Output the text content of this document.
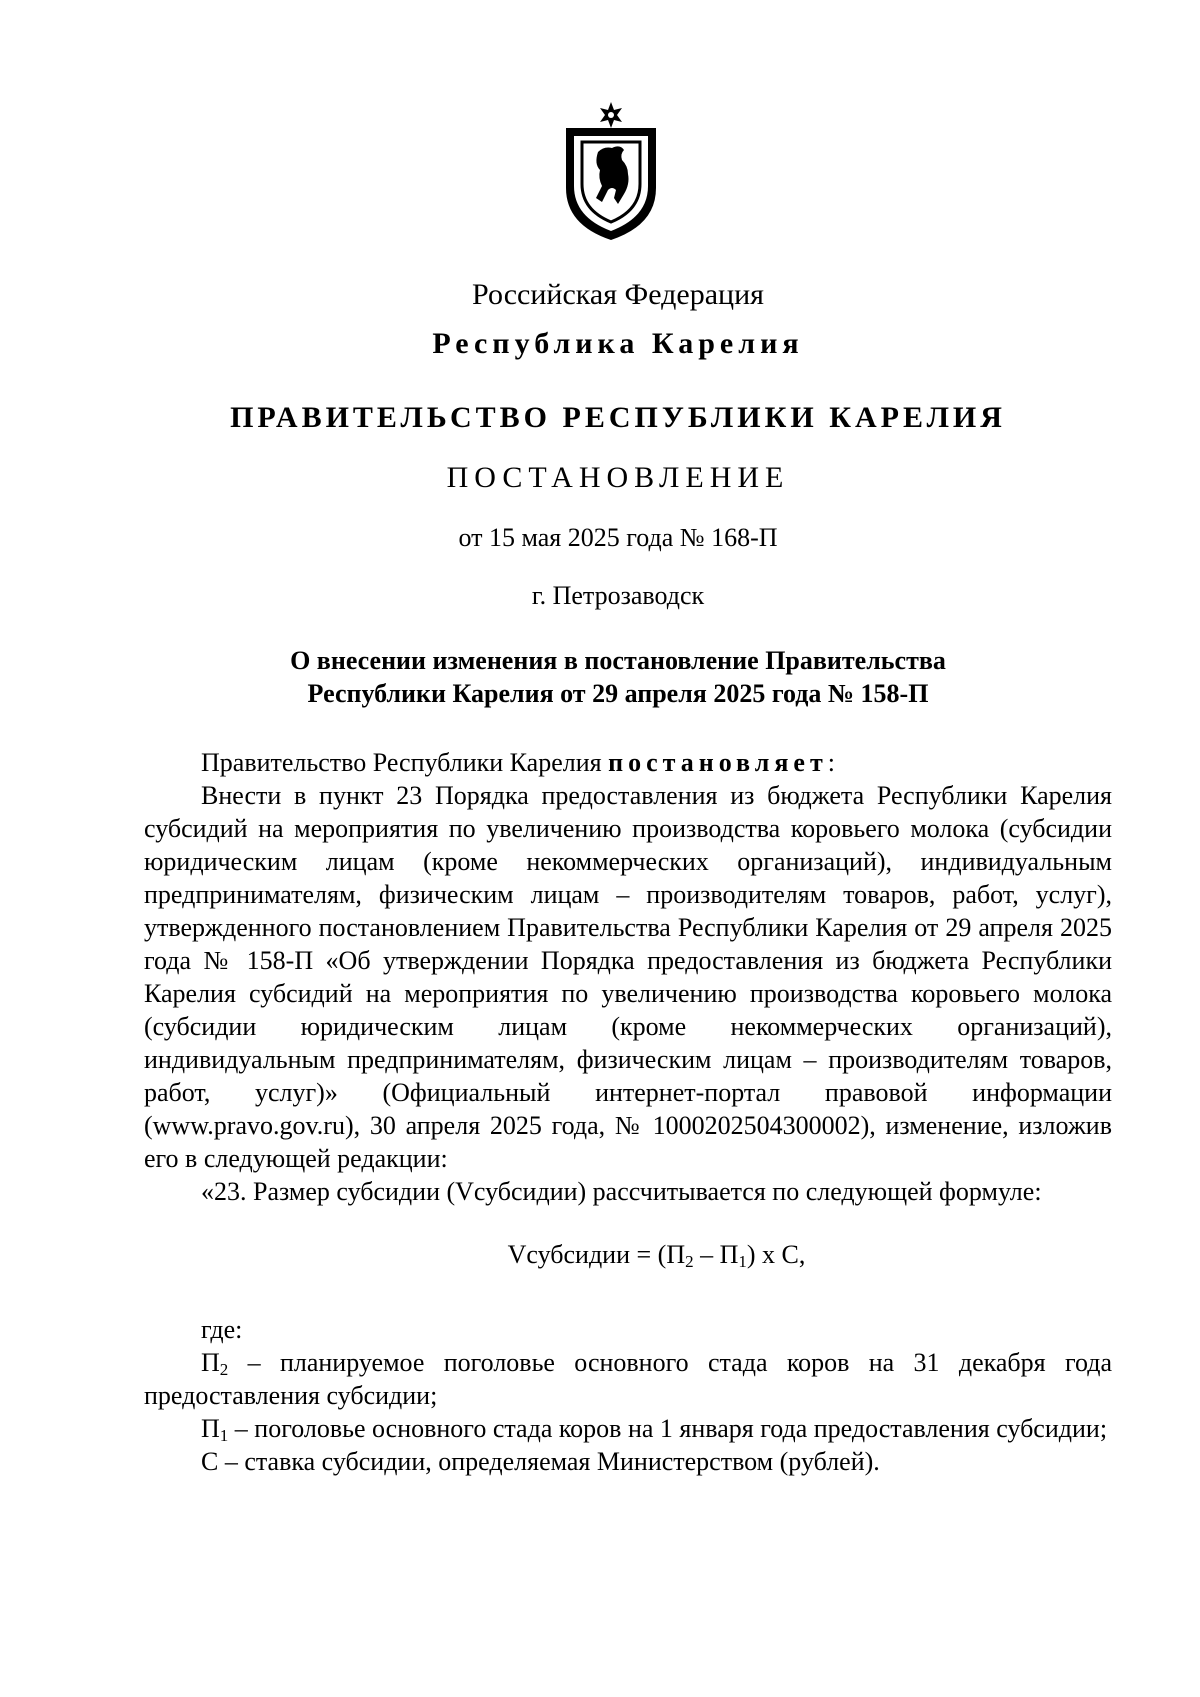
Российская Федерация
Республика Карелия
ПРАВИТЕЛЬСТВО РЕСПУБЛИКИ КАРЕЛИЯ
ПОСТАНОВЛЕНИЕ
от 15 мая 2025 года № 168-П
г. Петрозаводск
О внесении изменения в постановление Правительства
Республики Карелия от 29 апреля 2025 года № 158-П

Правительство Республики Карелия постановляет:

Внести в пункт 23 Порядка предоставления из бюджета Республики Карелия субсидий на мероприятия по увеличению производства коровьего молока (субсидии юридическим лицам (кроме некоммерческих организаций), индивидуальным предпринимателям, физическим лицам – производителям товаров, работ, услуг), утвержденного постановлением Правительства Республики Карелия от 29 апреля 2025 года № 158-П «Об утверждении Порядка предоставления из бюджета Республики Карелия субсидий на мероприятия по увеличению производства коровьего молока (субсидии юридическим лицам (кроме некоммерческих организаций), индивидуальным предпринимателям, физическим лицам – производителям товаров, работ, услуг)» (Официальный интернет-портал правовой информации (www.pravo.gov.ru), 30 апреля 2025 года, № 1000202504300002), изменение, изложив его в следующей редакции:

«23. Размер субсидии (Vсубсидии) рассчитывается по следующей формуле:

Vсубсидии = $(П_2 - П_1)$ x С,

где:

$П_2$ – планируемое поголовье основного стада коров на 31 декабря года предоставления субсидии;

$П_1$ – поголовье основного стада коров на 1 января года предоставления субсидии;

С – ставка субсидии, определяемая Министерством (рублей).
